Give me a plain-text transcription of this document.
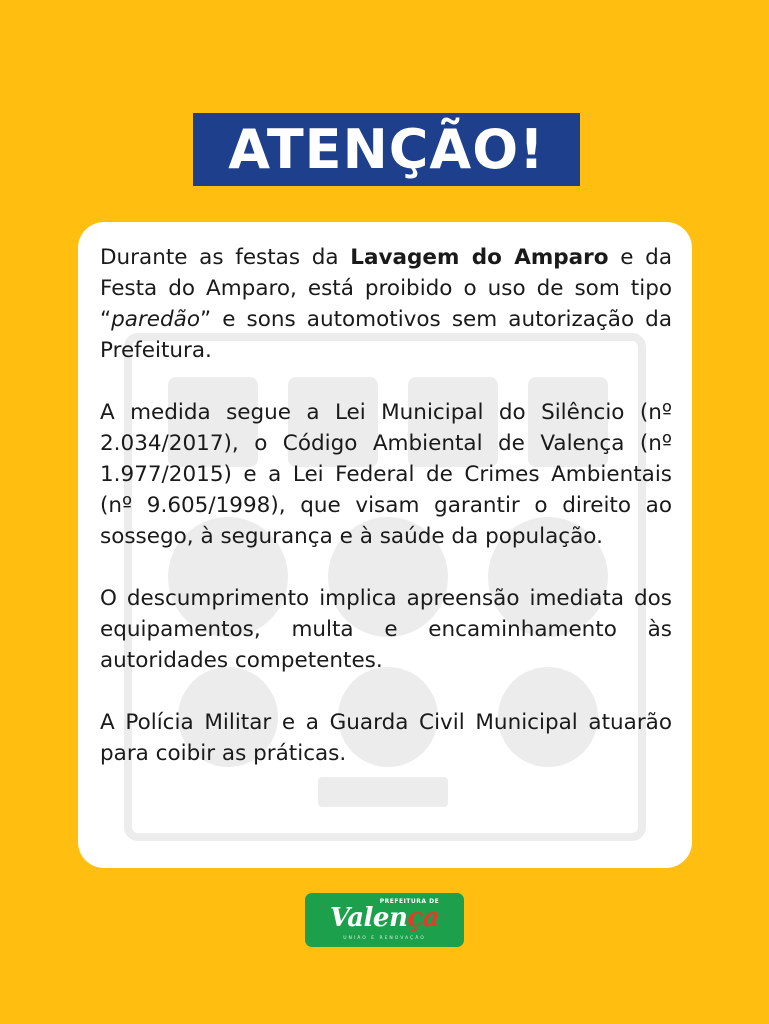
ATENÇÃO!

Durante as festas da Lavagem do Amparo e da Festa do Amparo, está proibido o uso de som tipo “paredão” e sons automotivos sem autorização da Prefeitura.

A medida segue a Lei Municipal do Silêncio (nº 2.034/2017), o Código Ambiental de Valença (nº 1.977/2015) e a Lei Federal de Crimes Ambientais (nº 9.605/1998), que visam garantir o direito ao sossego, à segurança e à saúde da população.

O descumprimento implica apreensão imediata dos equipamentos, multa e encaminhamento às autoridades competentes.

A Polícia Militar e a Guarda Civil Municipal atuarão para coibir as práticas.

PREFEITURA DE
Valença
UNIÃO E RENOVAÇÃO
